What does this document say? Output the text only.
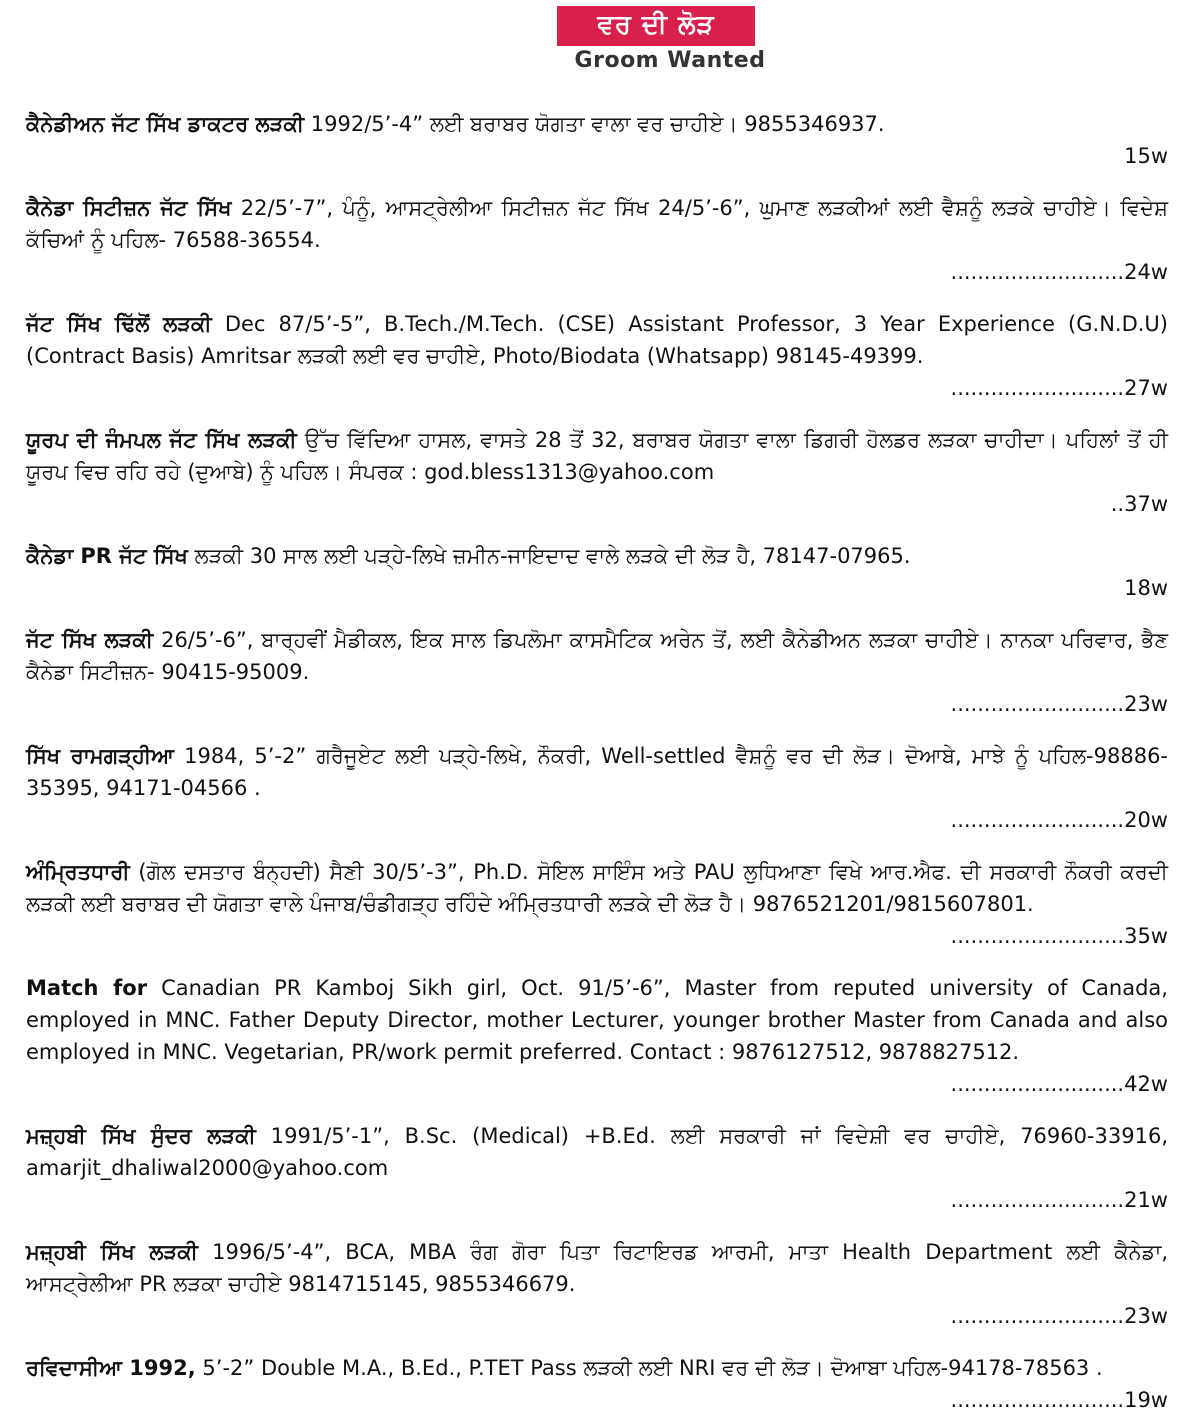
ਵਰ ਦੀ ਲੋੜ
Groom Wanted

ਕੈਨੇਡੀਅਨ ਜੱਟ ਸਿੱਖ ਡਾਕਟਰ ਲੜਕੀ 1992/5’-4” ਲਈ ਬਰਾਬਰ ਯੋਗਤਾ ਵਾਲਾ ਵਰ ਚਾਹੀਏ। 9855346937.
15w

ਕੈਨੇਡਾ ਸਿਟੀਜ਼ਨ ਜੱਟ ਸਿੱਖ 22/5’-7”, ਪੰਨੂੰ, ਆਸਟ੍ਰੇਲੀਆ ਸਿਟੀਜ਼ਨ ਜੱਟ ਸਿੱਖ 24/5’-6”, ਘੁਮਾਣ ਲੜਕੀਆਂ ਲਈ ਵੈਸ਼ਨੂੰ ਲੜਕੇ ਚਾਹੀਏ। ਵਿਦੇਸ਼ ਕੱਚਿਆਂ ਨੂੰ ਪਹਿਲ- 76588-36554.
..........................24w

ਜੱਟ ਸਿੱਖ ਢਿੱਲੋਂ ਲੜਕੀ Dec 87/5’-5”, B.Tech./M.Tech. (CSE) Assistant Professor, 3 Year Experience (G.N.D.U) (Contract Basis) Amritsar ਲੜਕੀ ਲਈ ਵਰ ਚਾਹੀਏ, Photo/Biodata (Whatsapp) 98145-49399.
..........................27w

ਯੂਰਪ ਦੀ ਜੰਮਪਲ ਜੱਟ ਸਿੱਖ ਲੜਕੀ ਉੱਚ ਵਿੱਦਿਆ ਹਾਸਲ, ਵਾਸਤੇ 28 ਤੋਂ 32, ਬਰਾਬਰ ਯੋਗਤਾ ਵਾਲਾ ਡਿਗਰੀ ਹੋਲਡਰ ਲੜਕਾ ਚਾਹੀਦਾ। ਪਹਿਲਾਂ ਤੋਂ ਹੀ ਯੂਰਪ ਵਿਚ ਰਹਿ ਰਹੇ (ਦੁਆਬੇ) ਨੂੰ ਪਹਿਲ। ਸੰਪਰਕ : god.bless1313@yahoo.com
..37w

ਕੈਨੇਡਾ PR ਜੱਟ ਸਿੱਖ ਲੜਕੀ 30 ਸਾਲ ਲਈ ਪੜ੍ਹੇ-ਲਿਖੇ ਜ਼ਮੀਨ-ਜਾਇਦਾਦ ਵਾਲੇ ਲੜਕੇ ਦੀ ਲੋੜ ਹੈ, 78147-07965.
18w

ਜੱਟ ਸਿੱਖ ਲੜਕੀ 26/5’-6”, ਬਾਰ੍ਹਵੀਂ ਮੈਡੀਕਲ, ਇਕ ਸਾਲ ਡਿਪਲੋਮਾ ਕਾਸਮੈਟਿਕ ਅਰੇਨ ਤੋਂ, ਲਈ ਕੈਨੇਡੀਅਨ ਲੜਕਾ ਚਾਹੀਏ। ਨਾਨਕਾ ਪਰਿਵਾਰ, ਭੈਣ ਕੈਨੇਡਾ ਸਿਟੀਜ਼ਨ- 90415-95009.
..........................23w

ਸਿੱਖ ਰਾਮਗੜ੍ਹੀਆ 1984, 5’-2” ਗਰੈਜੂਏਟ ਲਈ ਪੜ੍ਹੇ-ਲਿਖੇ, ਨੌਕਰੀ, Well-settled ਵੈਸ਼ਨੂੰ ਵਰ ਦੀ ਲੋੜ। ਦੋਆਬੇ, ਮਾਝੇ ਨੂੰ ਪਹਿਲ-98886-35395, 94171-04566 .
..........................20w

ਅੰਮ੍ਰਿਤਧਾਰੀ (ਗੋਲ ਦਸਤਾਰ ਬੰਨ੍ਹਦੀ) ਸੈਣੀ 30/5’-3”, Ph.D. ਸੋਇਲ ਸਾਇੰਸ ਅਤੇ PAU ਲੁਧਿਆਣਾ ਵਿਖੇ ਆਰ.ਐਫ. ਦੀ ਸਰਕਾਰੀ ਨੌਕਰੀ ਕਰਦੀ ਲੜਕੀ ਲਈ ਬਰਾਬਰ ਦੀ ਯੋਗਤਾ ਵਾਲੇ ਪੰਜਾਬ/ਚੰਡੀਗੜ੍ਹ ਰਹਿੰਦੇ ਅੰਮ੍ਰਿਤਧਾਰੀ ਲੜਕੇ ਦੀ ਲੋੜ ਹੈ। 9876521201/9815607801.
..........................35w

Match for Canadian PR Kamboj Sikh girl, Oct. 91/5’-6”, Master from reputed university of Canada, employed in MNC. Father Deputy Director, mother Lecturer, younger brother Master from Canada and also employed in MNC. Vegetarian, PR/work permit preferred. Contact : 9876127512, 9878827512.
..........................42w

ਮਜ਼੍ਹਬੀ ਸਿੱਖ ਸੁੰਦਰ ਲੜਕੀ 1991/5’-1”, B.Sc. (Medical) +B.Ed. ਲਈ ਸਰਕਾਰੀ ਜਾਂ ਵਿਦੇਸ਼ੀ ਵਰ ਚਾਹੀਏ, 76960-33916, amarjit_dhaliwal2000@yahoo.com
..........................21w

ਮਜ਼੍ਹਬੀ ਸਿੱਖ ਲੜਕੀ 1996/5’-4”, BCA, MBA ਰੰਗ ਗੋਰਾ ਪਿਤਾ ਰਿਟਾਇਰਡ ਆਰਮੀ, ਮਾਤਾ Health Department ਲਈ ਕੈਨੇਡਾ, ਆਸਟ੍ਰੇਲੀਆ PR ਲੜਕਾ ਚਾਹੀਏ 9814715145, 9855346679.
..........................23w

ਰਵਿਦਾਸੀਆ 1992, 5’-2” Double M.A., B.Ed., P.TET Pass ਲੜਕੀ ਲਈ NRI ਵਰ ਦੀ ਲੋੜ। ਦੋਆਬਾ ਪਹਿਲ-94178-78563 .
..........................19w
